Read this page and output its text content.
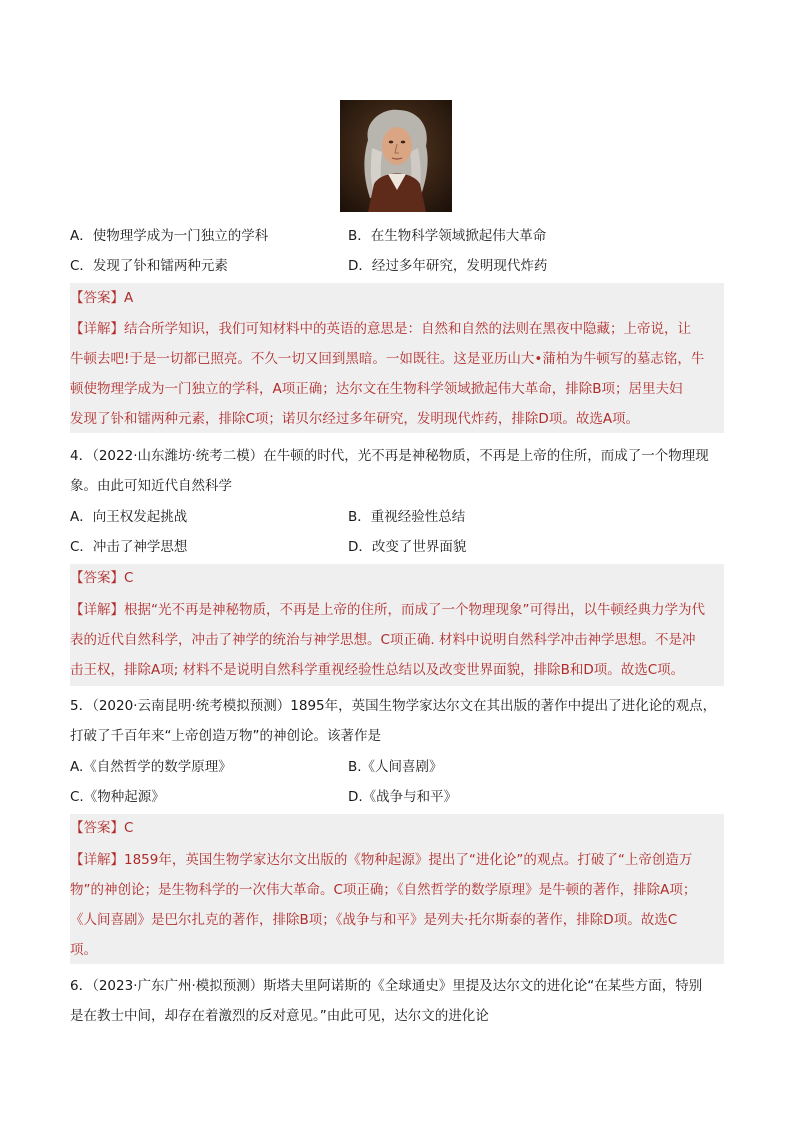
A．使物理学成为一门独立的学科	B．在生物科学领域掀起伟大革命
C．发现了钋和镭两种元素	D．经过多年研究，发明现代炸药
【答案】A
【详解】结合所学知识，我们可知材料中的英语的意思是：自然和自然的法则在黑夜中隐藏；上帝说，让
牛顿去吧!于是一切都已照亮。不久一切又回到黑暗。一如既往。这是亚历山大•蒲柏为牛顿写的墓志铭，牛
顿使物理学成为一门独立的学科，A项正确；达尔文在生物科学领域掀起伟大革命，排除B项；居里夫妇
发现了钋和镭两种元素，排除C项；诺贝尔经过多年研究，发明现代炸药，排除D项。故选A项。
4．（2022·山东潍坊·统考二模）在牛顿的时代，光不再是神秘物质，不再是上帝的住所，而成了一个物理现
象。由此可知近代自然科学
A．向王权发起挑战	B．重视经验性总结
C．冲击了神学思想	D．改变了世界面貌
【答案】C
【详解】根据“光不再是神秘物质，不再是上帝的住所，而成了一个物理现象”可得出，以牛顿经典力学为代
表的近代自然科学，冲击了神学的统治与神学思想。C项正确. 材料中说明自然科学冲击神学思想。不是冲
击王权，排除A项; 材料不是说明自然科学重视经验性总结以及改变世界面貌，排除B和D项。故选C项。
5．（2020·云南昆明·统考模拟预测）1895年，英国生物学家达尔文在其出版的著作中提出了进化论的观点，
打破了千百年来“上帝创造万物”的神创论。该著作是
A.《自然哲学的数学原理》	B.《人间喜剧》
C.《物种起源》	D.《战争与和平》
【答案】C
【详解】1859年，英国生物学家达尔文出版的《物种起源》提出了“进化论”的观点。打破了“上帝创造万
物”的神创论；是生物科学的一次伟大革命。C项正确；《自然哲学的数学原理》是牛顿的著作，排除A项；
《人间喜剧》是巴尔扎克的著作，排除B项；《战争与和平》是列夫·托尔斯泰的著作，排除D项。故选C
项。
6．（2023·广东广州·模拟预测）斯塔夫里阿诺斯的《全球通史》里提及达尔文的进化论“在某些方面，特别
是在教士中间，却存在着激烈的反对意见。”由此可见，达尔文的进化论
